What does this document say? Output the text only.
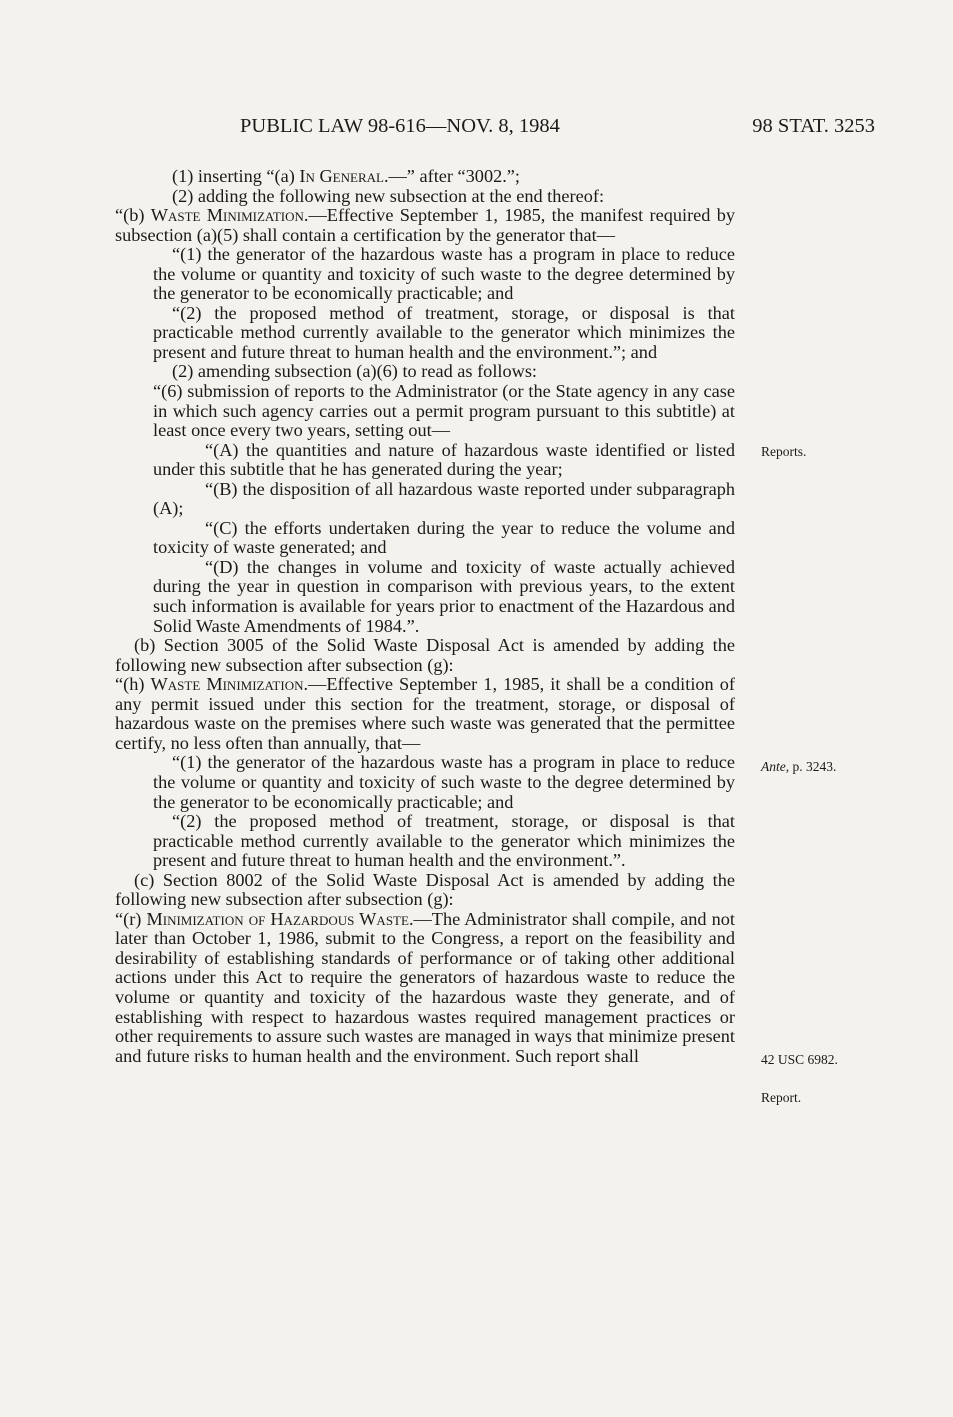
PUBLIC LAW 98-616—NOV. 8, 1984	98 STAT. 3253

(1) inserting “(a) In General.—” after “3002.”;

(2) adding the following new subsection at the end thereof:

“(b) Waste Minimization.—Effective September 1, 1985, the manifest required by subsection (a)(5) shall contain a certification by the generator that—

“(1) the generator of the hazardous waste has a program in place to reduce the volume or quantity and toxicity of such waste to the degree determined by the generator to be economically practicable; and

“(2) the proposed method of treatment, storage, or disposal is that practicable method currently available to the generator which minimizes the present and future threat to human health and the environment.”; and

(2) amending subsection (a)(6) to read as follows:

“(6) submission of reports to the Administrator (or the State agency in any case in which such agency carries out a permit program pursuant to this subtitle) at least once every two years, setting out—

“(A) the quantities and nature of hazardous waste identified or listed under this subtitle that he has generated during the year;

“(B) the disposition of all hazardous waste reported under subparagraph (A);

“(C) the efforts undertaken during the year to reduce the volume and toxicity of waste generated; and

“(D) the changes in volume and toxicity of waste actually achieved during the year in question in comparison with previous years, to the extent such information is available for years prior to enactment of the Hazardous and Solid Waste Amendments of 1984.”.

(b) Section 3005 of the Solid Waste Disposal Act is amended by adding the following new subsection after subsection (g):

“(h) Waste Minimization.—Effective September 1, 1985, it shall be a condition of any permit issued under this section for the treatment, storage, or disposal of hazardous waste on the premises where such waste was generated that the permittee certify, no less often than annually, that—

“(1) the generator of the hazardous waste has a program in place to reduce the volume or quantity and toxicity of such waste to the degree determined by the generator to be economically practicable; and

“(2) the proposed method of treatment, storage, or disposal is that practicable method currently available to the generator which minimizes the present and future threat to human health and the environment.”.

(c) Section 8002 of the Solid Waste Disposal Act is amended by adding the following new subsection after subsection (g):

“(r) Minimization of Hazardous Waste.—The Administrator shall compile, and not later than October 1, 1986, submit to the Congress, a report on the feasibility and desirability of establishing standards of performance or of taking other additional actions under this Act to require the generators of hazardous waste to reduce the volume or quantity and toxicity of the hazardous waste they generate, and of establishing with respect to hazardous wastes required management practices or other requirements to assure such wastes are managed in ways that minimize present and future risks to human health and the environment. Such report shall

Reports.
Ante, p. 3243.
42 USC 6982.
Report.
